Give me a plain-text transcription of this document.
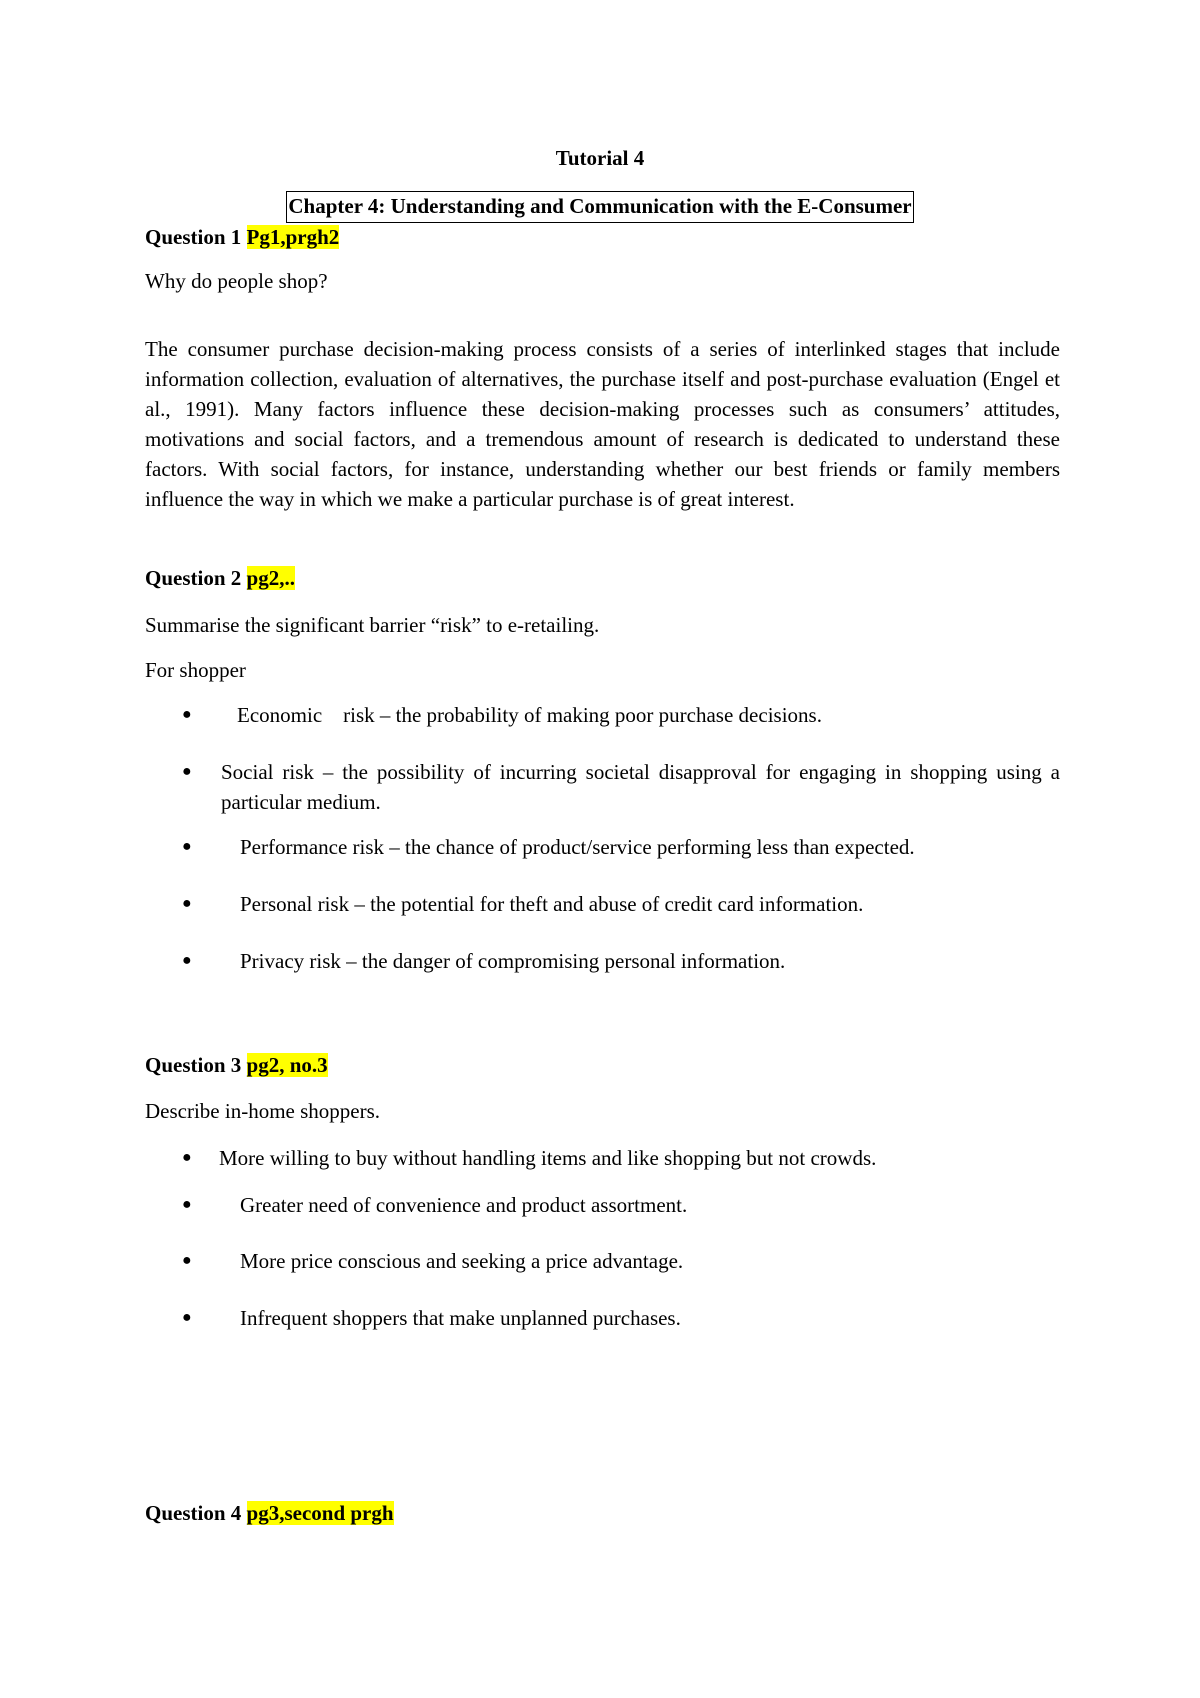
Tutorial 4
Chapter 4: Understanding and Communication with the E-Consumer
Question 1 Pg1,prgh2
Why do people shop?
The consumer purchase decision-making process consists of a series of interlinked stages that include information collection, evaluation of alternatives, the purchase itself and post-purchase evaluation (Engel et al., 1991). Many factors influence these decision-making processes such as consumers’ attitudes, motivations and social factors, and a tremendous amount of research is dedicated to understand these factors. With social factors, for instance, understanding whether our best friends or family members influence the way in which we make a particular purchase is of great interest.
Question 2 pg2,..
Summarise the significant barrier “risk” to e-retailing.
For shopper
● Economic    risk – the probability of making poor purchase decisions.
● Social risk – the possibility of incurring societal disapproval for engaging in shopping using a particular medium.
● Performance risk – the chance of product/service performing less than expected.
● Personal risk – the potential for theft and abuse of credit card information.
● Privacy risk – the danger of compromising personal information.
Question 3 pg2, no.3
Describe in-home shoppers.
● More willing to buy without handling items and like shopping but not crowds.
● Greater need of convenience and product assortment.
● More price conscious and seeking a price advantage.
● Infrequent shoppers that make unplanned purchases.
Question 4 pg3,second prgh
